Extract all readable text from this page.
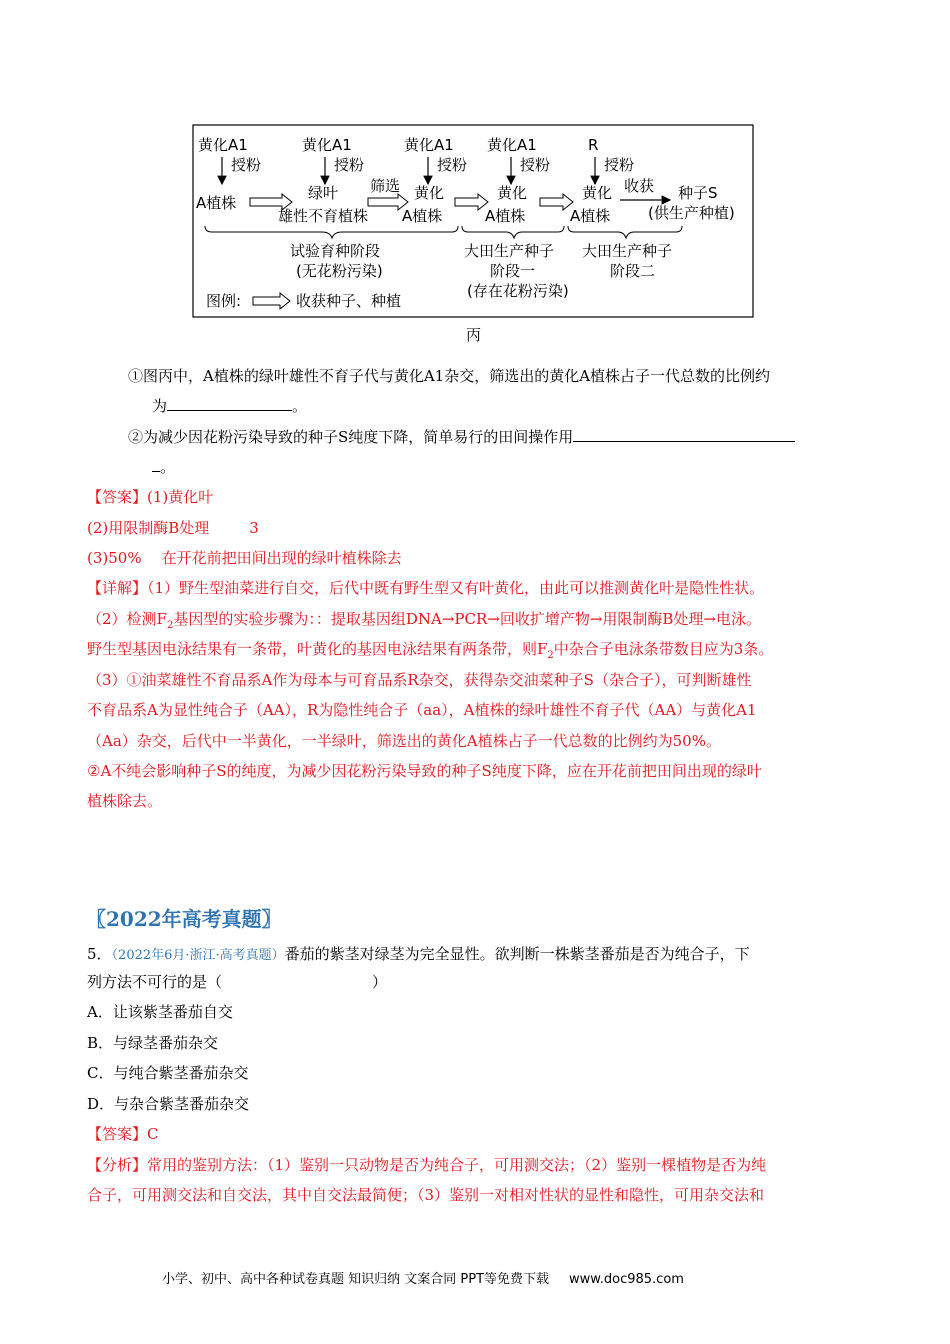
黄化A1
授粉
A植株
黄化A1
授粉
绿叶
雄性不育植株
筛选
黄化A1
授粉
黄化
A植株
黄化A1
授粉
黄化
A植株
R
授粉
黄化
A植株
收获 种子S
(供生产种植)
试验育种阶段
(无花粉污染)
大田生产种子
阶段一
(存在花粉污染)
大田生产种子
阶段二
图例:	收获种子、种植
丙
①图丙中，A植株的绿叶雄性不育子代与黄化A1杂交，筛选出的黄化A植株占子一代总数的比例约
为	。
②为减少因花粉污染导致的种子S纯度下降，简单易行的田间操作用
。
【答案】(1)黄化叶
(2)用限制酶B处理	3
(3)50% 在开花前把田间出现的绿叶植株除去
【详解】（1）野生型油菜进行自交，后代中既有野生型又有叶黄化，由此可以推测黄化叶是隐性性状。
（2）检测$F_2$基因型的实验步骤为：：提取基因组DNA→PCR→回收扩增产物→用限制酶B处理→电泳。
野生型基因电泳结果有一条带，叶黄化的基因电泳结果有两条带，则$F_2$中杂合子电泳条带数目应为3条。
（3）①油菜雄性不育品系A作为母本与可育品系R杂交，获得杂交油菜种子S（杂合子），可判断雄性
不育品系A为显性纯合子（AA），R为隐性纯合子（aa），A植株的绿叶雄性不育子代（AA）与黄化A1
（Aa）杂交，后代中一半黄化，一半绿叶，筛选出的黄化A植株占子一代总数的比例约为50%。
②A不纯会影响种子S的纯度，为减少因花粉污染导致的种子S纯度下降，应在开花前把田间出现的绿叶
植株除去。
〖2022年高考真题〗
5．（2022年6月·浙江·高考真题）番茄的紫茎对绿茎为完全显性。欲判断一株紫茎番茄是否为纯合子，下
列方法不可行的是（	）
A．让该紫茎番茄自交
B．与绿茎番茄杂交
C．与纯合紫茎番茄杂交
D．与杂合紫茎番茄杂交
【答案】C
【分析】常用的鉴别方法：（1）鉴别一只动物是否为纯合子，可用测交法；（2）鉴别一棵植物是否为纯
合子，可用测交法和自交法，其中自交法最简便；（3）鉴别一对相对性状的显性和隐性，可用杂交法和
小学、初中、高中各种试卷真题 知识归纳 文案合同 PPT等免费下载 www.doc985.com
